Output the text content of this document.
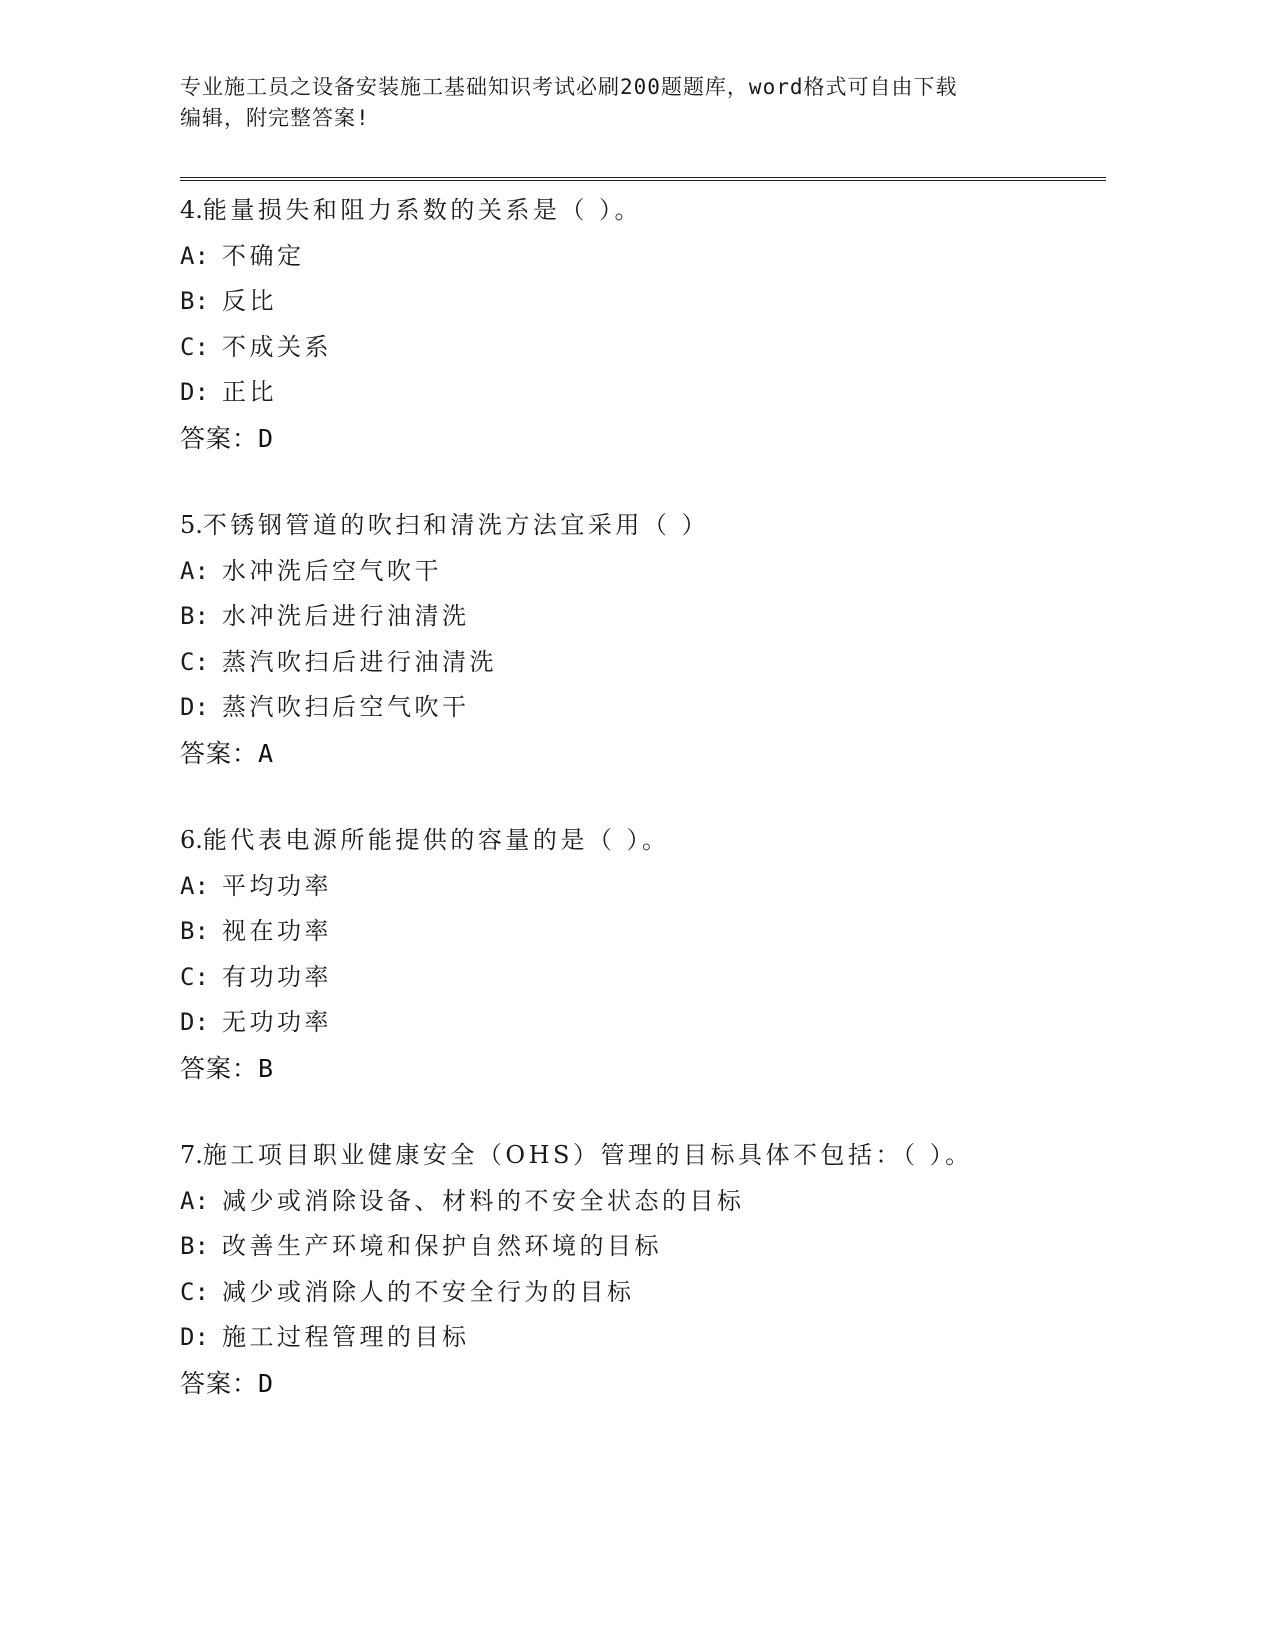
专业施工员之设备安装施工基础知识考试必刷200题题库，word格式可自由下载
编辑，附完整答案!
4.能量损失和阻力系数的关系是（ ）。
A: 不确定
B: 反比
C: 不成关系
D: 正比
答案：D
5.不锈钢管道的吹扫和清洗方法宜采用（ ）
A: 水冲洗后空气吹干
B: 水冲洗后进行油清洗
C: 蒸汽吹扫后进行油清洗
D: 蒸汽吹扫后空气吹干
答案：A
6.能代表电源所能提供的容量的是（ ）。
A: 平均功率
B: 视在功率
C: 有功功率
D: 无功功率
答案：B
7.施工项目职业健康安全（OHS）管理的目标具体不包括：（ ）。
A: 减少或消除设备、材料的不安全状态的目标
B: 改善生产环境和保护自然环境的目标
C: 减少或消除人的不安全行为的目标
D: 施工过程管理的目标
答案：D
